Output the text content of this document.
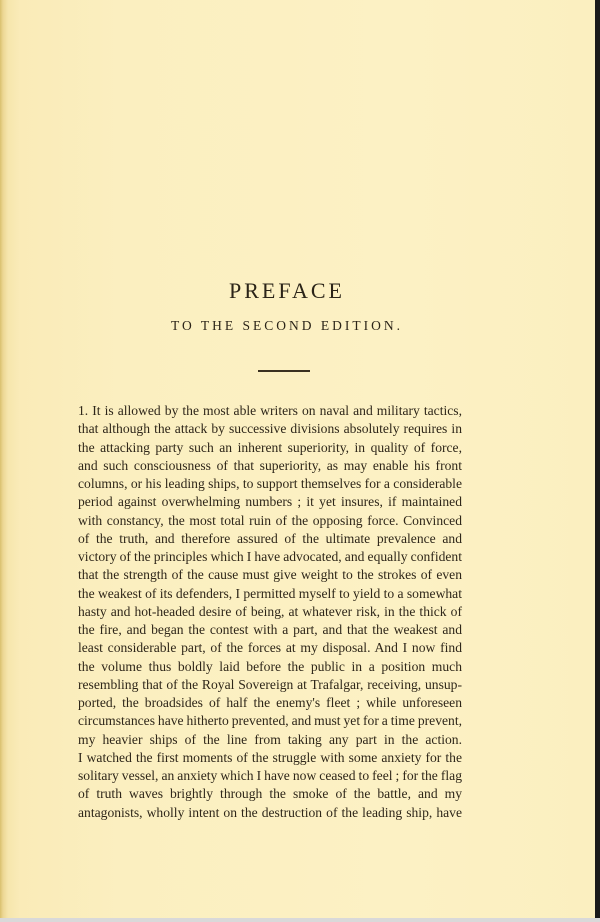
PREFACE
TO THE SECOND EDITION.
1. It is allowed by the most able writers on naval and military tactics,
that although the attack by successive divisions absolutely requires in
the attacking party such an inherent superiority, in quality of force,
and such consciousness of that superiority, as may enable his front
columns, or his leading ships, to support themselves for a considerable
period against overwhelming numbers ; it yet insures, if maintained
with constancy, the most total ruin of the opposing force. Convinced
of the truth, and therefore assured of the ultimate prevalence and
victory of the principles which I have advocated, and equally confident
that the strength of the cause must give weight to the strokes of even
the weakest of its defenders, I permitted myself to yield to a somewhat
hasty and hot-headed desire of being, at whatever risk, in the thick of
the fire, and began the contest with a part, and that the weakest and
least considerable part, of the forces at my disposal. And I now find
the volume thus boldly laid before the public in a position much
resembling that of the Royal Sovereign at Trafalgar, receiving, unsup-
ported, the broadsides of half the enemy's fleet ; while unforeseen
circumstances have hitherto prevented, and must yet for a time prevent,
my heavier ships of the line from taking any part in the action.
I watched the first moments of the struggle with some anxiety for the
solitary vessel, an anxiety which I have now ceased to feel ; for the flag
of truth waves brightly through the smoke of the battle, and my
antagonists, wholly intent on the destruction of the leading ship, have
